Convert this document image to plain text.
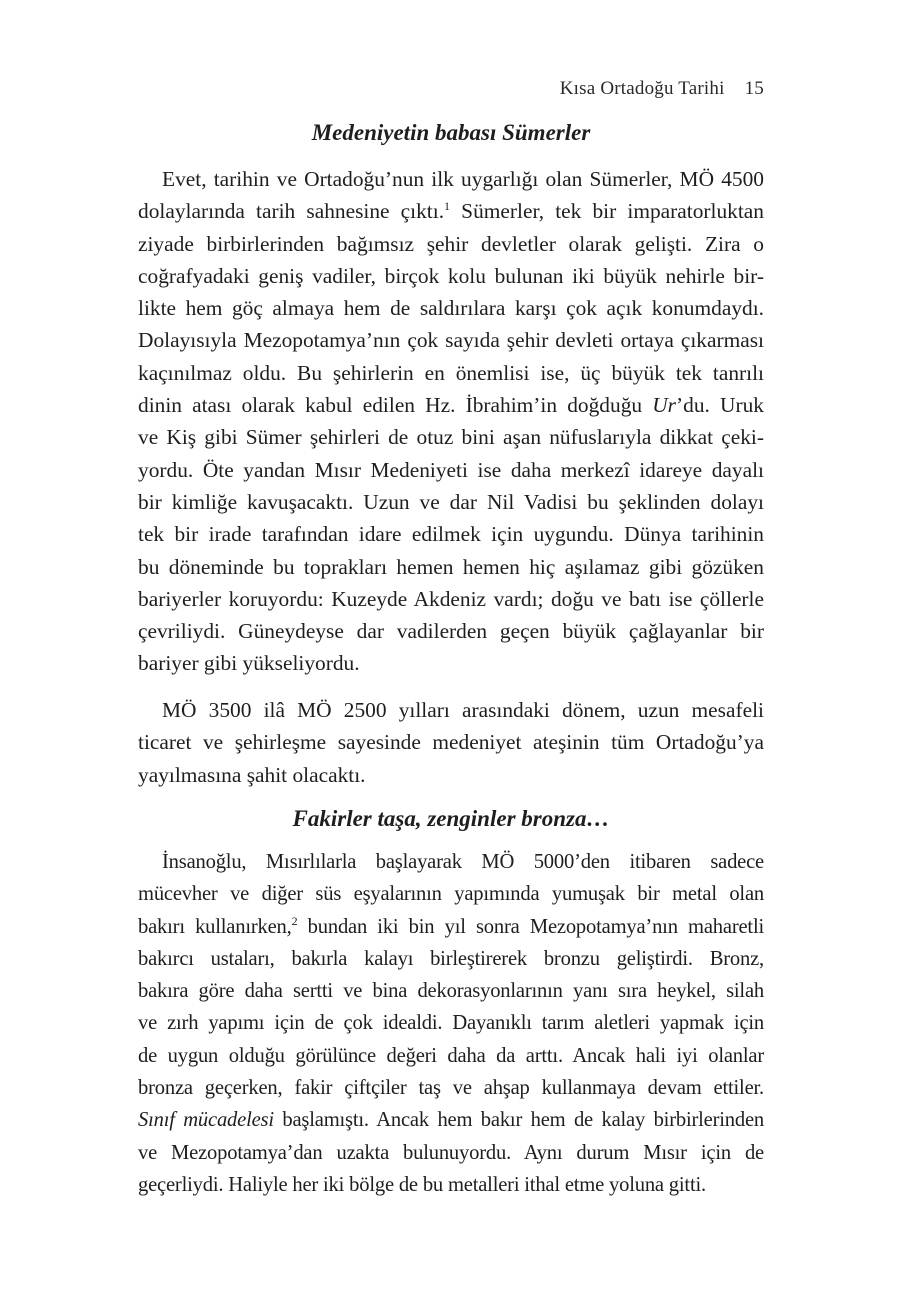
Kısa Ortadoğu Tarihi 15
Medeniyetin babası Sümerler

Evet, tarihin ve Ortadoğu’nun ilk uygarlığı olan Sümerler, MÖ 4500
dolaylarında tarih sahnesine çıktı.$^1$ Sümerler, tek bir imparatorluktan
ziyade birbirlerinden bağımsız şehir devletler olarak gelişti. Zira o
coğrafyadaki geniş vadiler, birçok kolu bulunan iki büyük nehirle bir-
likte hem göç almaya hem de saldırılara karşı çok açık konumdaydı.
Dolayısıyla Mezopotamya’nın çok sayıda şehir devleti ortaya çıkarması
kaçınılmaz oldu. Bu şehirlerin en önemlisi ise, üç büyük tek tanrılı
dinin atası olarak kabul edilen Hz. İbrahim’in doğduğu Ur’du. Uruk
ve Kiş gibi Sümer şehirleri de otuz bini aşan nüfuslarıyla dikkat çeki-
yordu. Öte yandan Mısır Medeniyeti ise daha merkezî idareye dayalı
bir kimliğe kavuşacaktı. Uzun ve dar Nil Vadisi bu şeklinden dolayı
tek bir irade tarafından idare edilmek için uygundu. Dünya tarihinin
bu döneminde bu toprakları hemen hemen hiç aşılamaz gibi gözüken
bariyerler koruyordu: Kuzeyde Akdeniz vardı; doğu ve batı ise çöllerle
çevriliydi. Güneydeyse dar vadilerden geçen büyük çağlayanlar bir
bariyer gibi yükseliyordu.

MÖ 3500 ilâ MÖ 2500 yılları arasındaki dönem, uzun mesafeli
ticaret ve şehirleşme sayesinde medeniyet ateşinin tüm Ortadoğu’ya
yayılmasına şahit olacaktı.

Fakirler taşa, zenginler bronza…

İnsanoğlu, Mısırlılarla başlayarak MÖ 5000’den itibaren sadece
mücevher ve diğer süs eşyalarının yapımında yumuşak bir metal olan
bakırı kullanırken,$^2$ bundan iki bin yıl sonra Mezopotamya’nın maharetli
bakırcı ustaları, bakırla kalayı birleştirerek bronzu geliştirdi. Bronz,
bakıra göre daha sertti ve bina dekorasyonlarının yanı sıra heykel, silah
ve zırh yapımı için de çok idealdi. Dayanıklı tarım aletleri yapmak için
de uygun olduğu görülünce değeri daha da arttı. Ancak hali iyi olanlar
bronza geçerken, fakir çiftçiler taş ve ahşap kullanmaya devam ettiler.
Sınıf mücadelesi başlamıştı. Ancak hem bakır hem de kalay birbirlerinden
ve Mezopotamya’dan uzakta bulunuyordu. Aynı durum Mısır için de
geçerliydi. Haliyle her iki bölge de bu metalleri ithal etme yoluna gitti.
